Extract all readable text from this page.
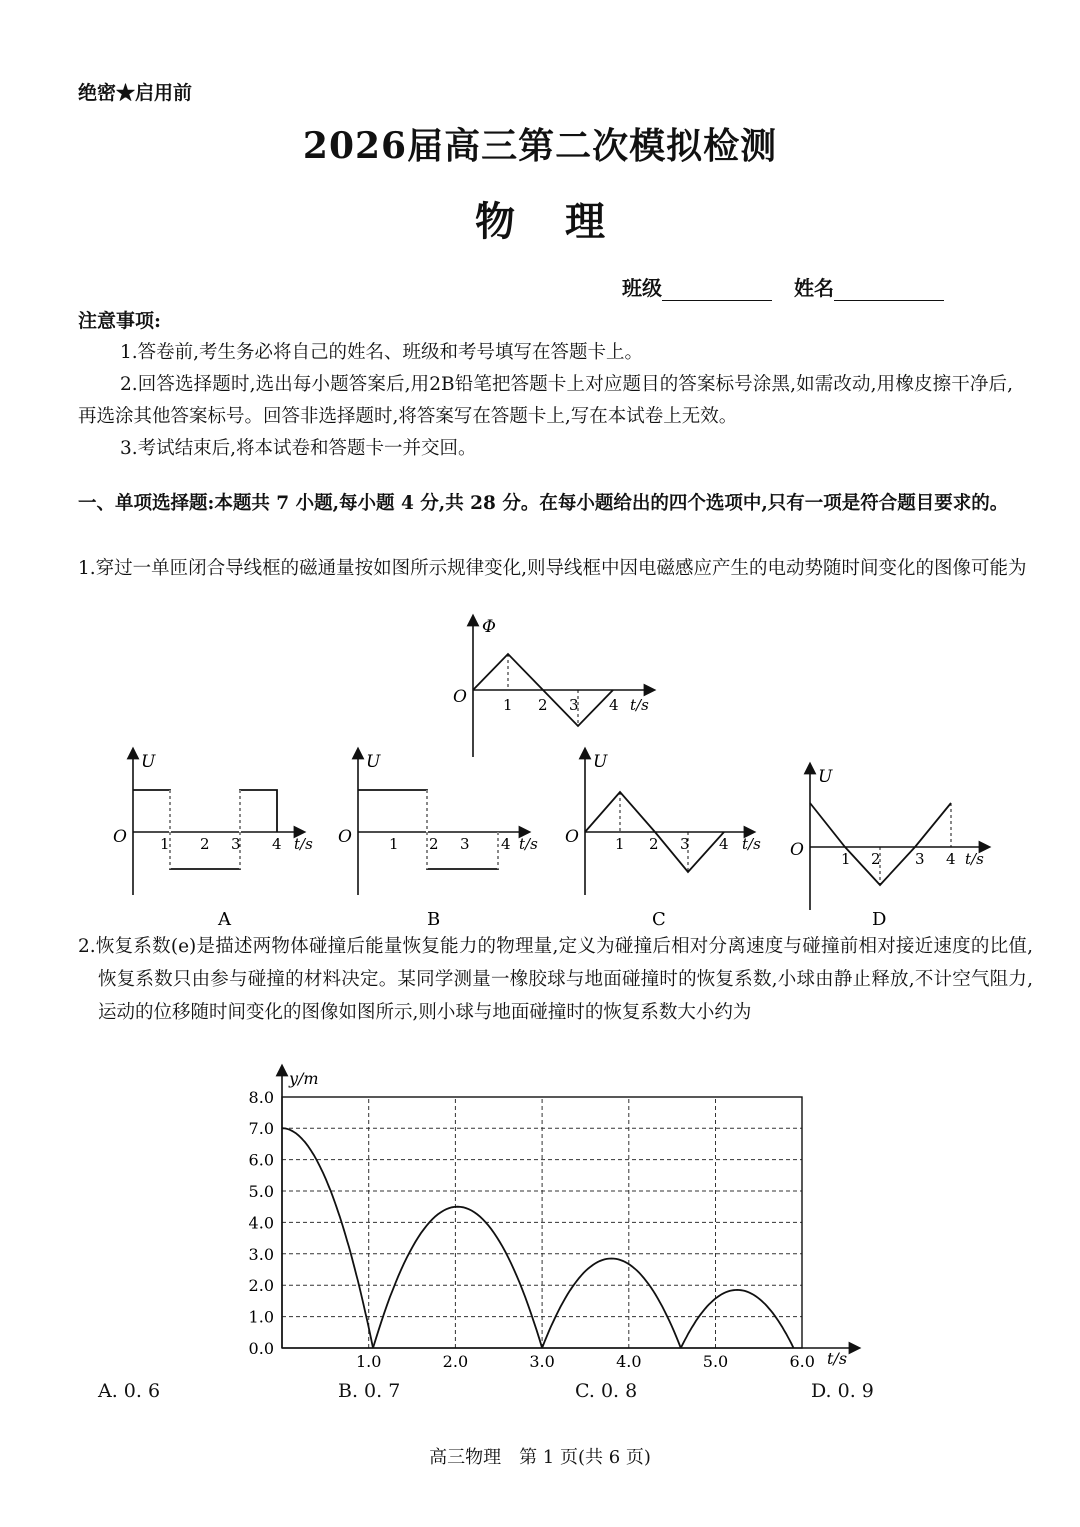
绝密★启用前
2026届高三第二次模拟检测
物理
班级	姓名
注意事项:
1.答卷前,考生务必将自己的姓名、班级和考号填写在答题卡上。
2.回答选择题时,选出每小题答案后,用2B铅笔把答题卡上对应题目的答案标号涂黑,如需改动,用橡皮擦干净后,再选涂其他答案标号。回答非选择题时,将答案写在答题卡上,写在本试卷上无效。
3.考试结束后,将本试卷和答题卡一并交回。
一、单项选择题:本题共 7 小题,每小题 4 分,共 28 分。在每小题给出的四个选项中,只有一项是符合题目要求的。
1.穿过一单匝闭合导线框的磁通量按如图所示规律变化,则导线框中因电磁感应产生的电动势随时间变化的图像可能为
Φ
O 1 2 3 4 t/s
U
O 1 2 3 4 t/s
A
U
O 1 2 3 4 t/s
B
U
O 1 2 3 4 t/s
C
U
O 1 2 3 4 t/s
D
2.恢复系数(e)是描述两物体碰撞后能量恢复能力的物理量,定义为碰撞后相对分离速度与碰撞前相对接近速度的比值,恢复系数只由参与碰撞的材料决定。某同学测量一橡胶球与地面碰撞时的恢复系数,小球由静止释放,不计空气阻力,运动的位移随时间变化的图像如图所示,则小球与地面碰撞时的恢复系数大小约为
0.0
1.0
2.0
3.0
4.0
5.0
6.0
7.0
8.0
1.0	2.0	3.0	4.0	5.0	6.0
y/m
t/s
A. 0. 6	B. 0. 7	C. 0. 8	D. 0. 9
高三物理　第 1 页(共 6 页)
